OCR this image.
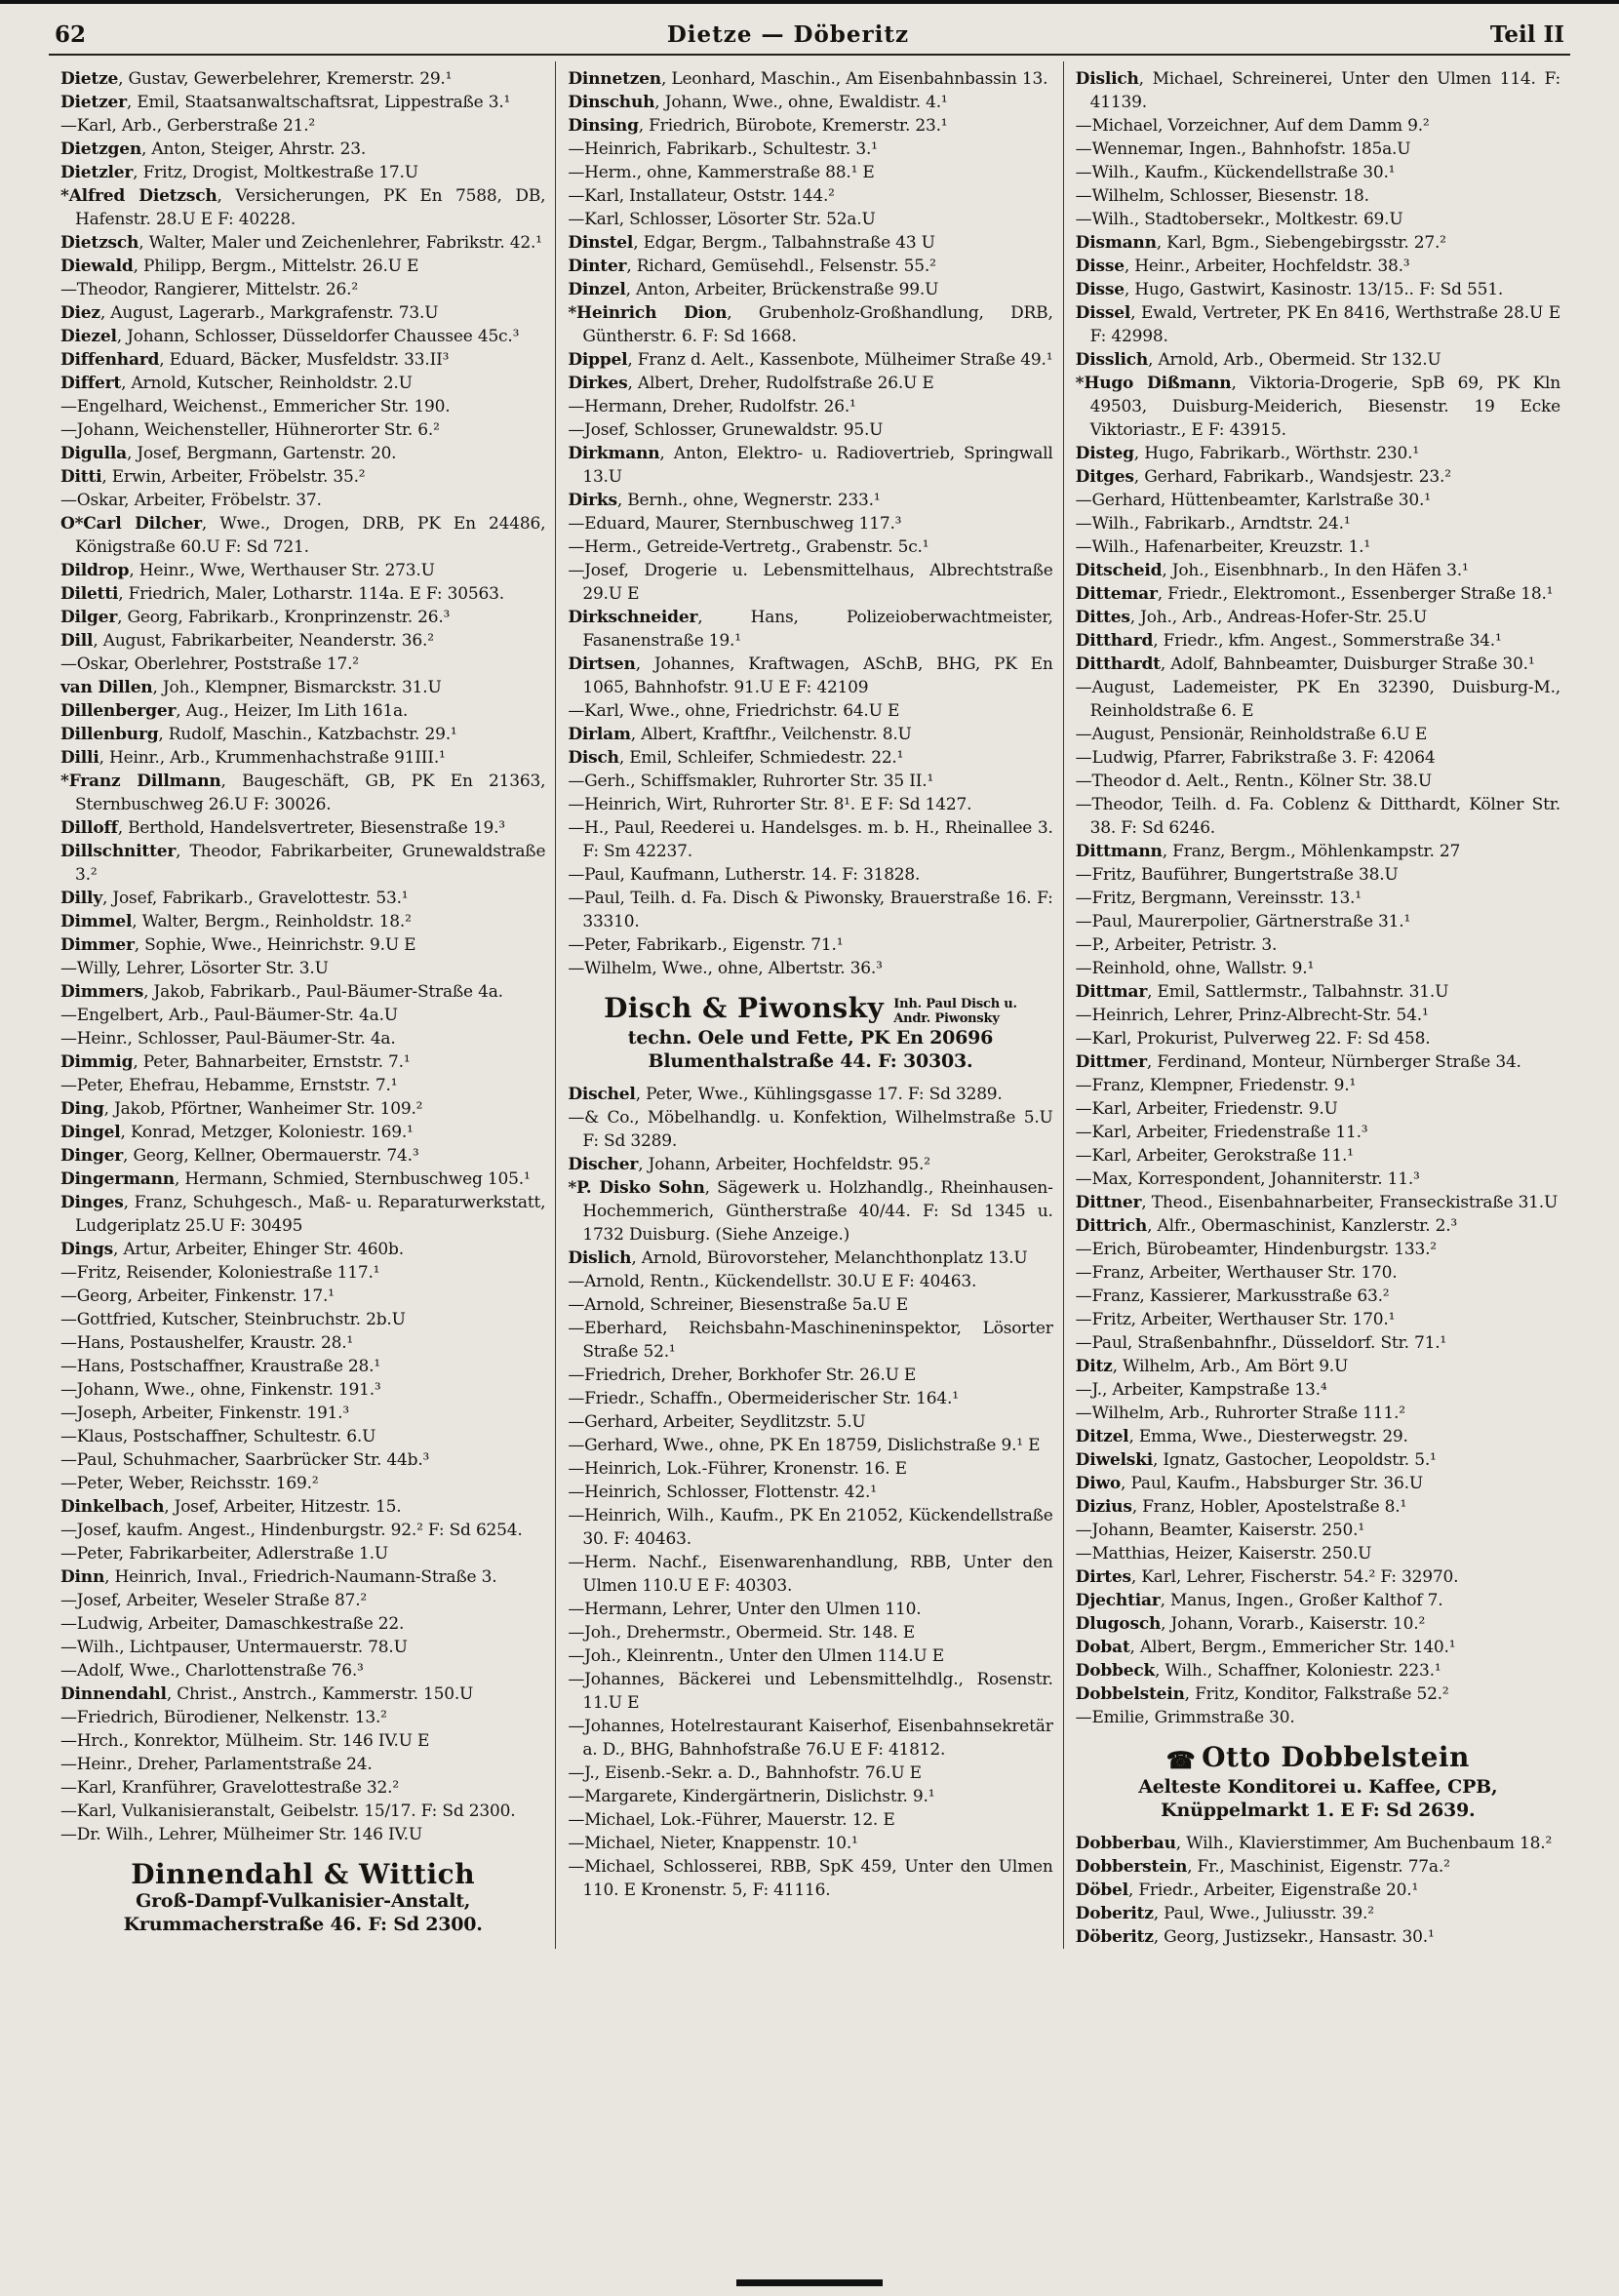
62	Dietze — Döberitz	Teil II

Dietze, Gustav, Gewerbelehrer, Kremerstr. 29.¹

Dietzer, Emil, Staatsanwaltschaftsrat, Lippestraße 3.¹

—Karl, Arb., Gerberstraße 21.²

Dietzgen, Anton, Steiger, Ahrstr. 23.

Dietzler, Fritz, Drogist, Moltkestraße 17.U

*Alfred Dietzsch, Versicherungen, PK En 7588, DB, Hafenstr. 28.U E F: 40228.

Dietzsch, Walter, Maler und Zeichenlehrer, Fabrikstr. 42.¹

Diewald, Philipp, Bergm., Mittelstr. 26.U E

—Theodor, Rangierer, Mittelstr. 26.²

Diez, August, Lagerarb., Markgrafenstr. 73.U

Diezel, Johann, Schlosser, Düsseldorfer Chaussee 45c.³

Diffenhard, Eduard, Bäcker, Musfeldstr. 33.II³

Differt, Arnold, Kutscher, Reinholdstr. 2.U

—Engelhard, Weichenst., Emmericher Str. 190.

—Johann, Weichensteller, Hühnerorter Str. 6.²

Digulla, Josef, Bergmann, Gartenstr. 20.

Ditti, Erwin, Arbeiter, Fröbelstr. 35.²

—Oskar, Arbeiter, Fröbelstr. 37.

O*Carl Dilcher, Wwe., Drogen, DRB, PK En 24486, Königstraße 60.U F: Sd 721.

Dildrop, Heinr., Wwe, Werthauser Str. 273.U

Diletti, Friedrich, Maler, Lotharstr. 114a. E F: 30563.

Dilger, Georg, Fabrikarb., Kronprinzenstr. 26.³

Dill, August, Fabrikarbeiter, Neanderstr. 36.²

—Oskar, Oberlehrer, Poststraße 17.²

van Dillen, Joh., Klempner, Bismarckstr. 31.U

Dillenberger, Aug., Heizer, Im Lith 161a.

Dillenburg, Rudolf, Maschin., Katzbachstr. 29.¹

Dilli, Heinr., Arb., Krummenhachstraße 91III.¹

*Franz Dillmann, Baugeschäft, GB, PK En 21363, Sternbuschweg 26.U F: 30026.

Dilloff, Berthold, Handelsvertreter, Biesenstraße 19.³

Dillschnitter, Theodor, Fabrikarbeiter, Grunewaldstraße 3.²

Dilly, Josef, Fabrikarb., Gravelottestr. 53.¹

Dimmel, Walter, Bergm., Reinholdstr. 18.²

Dimmer, Sophie, Wwe., Heinrichstr. 9.U E

—Willy, Lehrer, Lösorter Str. 3.U

Dimmers, Jakob, Fabrikarb., Paul-Bäumer-Straße 4a.

—Engelbert, Arb., Paul-Bäumer-Str. 4a.U

—Heinr., Schlosser, Paul-Bäumer-Str. 4a.

Dimmig, Peter, Bahnarbeiter, Ernststr. 7.¹

—Peter, Ehefrau, Hebamme, Ernststr. 7.¹

Ding, Jakob, Pförtner, Wanheimer Str. 109.²

Dingel, Konrad, Metzger, Koloniestr. 169.¹

Dinger, Georg, Kellner, Obermauerstr. 74.³

Dingermann, Hermann, Schmied, Sternbuschweg 105.¹

Dinges, Franz, Schuhgesch., Maß- u. Reparaturwerkstatt, Ludgeriplatz 25.U F: 30495

Dings, Artur, Arbeiter, Ehinger Str. 460b.

—Fritz, Reisender, Koloniestraße 117.¹

—Georg, Arbeiter, Finkenstr. 17.¹

—Gottfried, Kutscher, Steinbruchstr. 2b.U

—Hans, Postaushelfer, Kraustr. 28.¹

—Hans, Postschaffner, Kraustraße 28.¹

—Johann, Wwe., ohne, Finkenstr. 191.³

—Joseph, Arbeiter, Finkenstr. 191.³

—Klaus, Postschaffner, Schultestr. 6.U

—Paul, Schuhmacher, Saarbrücker Str. 44b.³

—Peter, Weber, Reichsstr. 169.²

Dinkelbach, Josef, Arbeiter, Hitzestr. 15.

—Josef, kaufm. Angest., Hindenburgstr. 92.² F: Sd 6254.

—Peter, Fabrikarbeiter, Adlerstraße 1.U

Dinn, Heinrich, Inval., Friedrich-Naumann-Straße 3.

—Josef, Arbeiter, Weseler Straße 87.²

—Ludwig, Arbeiter, Damaschkestraße 22.

—Wilh., Lichtpauser, Untermauerstr. 78.U

—Adolf, Wwe., Charlottenstraße 76.³

Dinnendahl, Christ., Anstrch., Kammerstr. 150.U

—Friedrich, Bürodiener, Nelkenstr. 13.²

—Hrch., Konrektor, Mülheim. Str. 146 IV.U E

—Heinr., Dreher, Parlamentstraße 24.

—Karl, Kranführer, Gravelottestraße 32.²

—Karl, Vulkanisieranstalt, Geibelstr. 15/17. F: Sd 2300.

—Dr. Wilh., Lehrer, Mülheimer Str. 146 IV.U

Dinnendahl & Wittich
Groß-Dampf-Vulkanisier-Anstalt,
Krummacherstraße 46. F: Sd 2300.

Dinnetzen, Leonhard, Maschin., Am Eisenbahnbassin 13.

Dinschuh, Johann, Wwe., ohne, Ewaldistr. 4.¹

Dinsing, Friedrich, Bürobote, Kremerstr. 23.¹

—Heinrich, Fabrikarb., Schultestr. 3.¹

—Herm., ohne, Kammerstraße 88.¹ E

—Karl, Installateur, Oststr. 144.²

—Karl, Schlosser, Lösorter Str. 52a.U

Dinstel, Edgar, Bergm., Talbahnstraße 43 U

Dinter, Richard, Gemüsehdl., Felsenstr. 55.²

Dinzel, Anton, Arbeiter, Brückenstraße 99.U

*Heinrich Dion, Grubenholz-Großhandlung, DRB, Güntherstr. 6. F: Sd 1668.

Dippel, Franz d. Aelt., Kassenbote, Mülheimer Straße 49.¹

Dirkes, Albert, Dreher, Rudolfstraße 26.U E

—Hermann, Dreher, Rudolfstr. 26.¹

—Josef, Schlosser, Grunewaldstr. 95.U

Dirkmann, Anton, Elektro- u. Radiovertrieb, Springwall 13.U

Dirks, Bernh., ohne, Wegnerstr. 233.¹

—Eduard, Maurer, Sternbuschweg 117.³

—Herm., Getreide-Vertretg., Grabenstr. 5c.¹

—Josef, Drogerie u. Lebensmittelhaus, Albrechtstraße 29.U E

Dirkschneider, Hans, Polizeioberwachtmeister, Fasanenstraße 19.¹

Dirtsen, Johannes, Kraftwagen, ASchB, BHG, PK En 1065, Bahnhofstr. 91.U E F: 42109

—Karl, Wwe., ohne, Friedrichstr. 64.U E

Dirlam, Albert, Kraftfhr., Veilchenstr. 8.U

Disch, Emil, Schleifer, Schmiedestr. 22.¹

—Gerh., Schiffsmakler, Ruhrorter Str. 35 II.¹

—Heinrich, Wirt, Ruhrorter Str. 8¹. E F: Sd 1427.

—H., Paul, Reederei u. Handelsges. m. b. H., Rheinallee 3. F: Sm 42237.

—Paul, Kaufmann, Lutherstr. 14. F: 31828.

—Paul, Teilh. d. Fa. Disch & Piwonsky, Brauerstraße 16. F: 33310.

—Peter, Fabrikarb., Eigenstr. 71.¹

—Wilhelm, Wwe., ohne, Albertstr. 36.³

Disch & Piwonsky Inh. Paul Disch u.
Andr. Piwonsky
techn. Oele und Fette, PK En 20696
Blumenthalstraße 44. F: 30303.

Dischel, Peter, Wwe., Kühlingsgasse 17. F: Sd 3289.

—& Co., Möbelhandlg. u. Konfektion, Wilhelmstraße 5.U F: Sd 3289.

Discher, Johann, Arbeiter, Hochfeldstr. 95.²

*P. Disko Sohn, Sägewerk u. Holzhandlg., Rheinhausen-Hochemmerich, Güntherstraße 40/44. F: Sd 1345 u. 1732 Duisburg. (Siehe Anzeige.)

Dislich, Arnold, Bürovorsteher, Melanchthonplatz 13.U

—Arnold, Rentn., Kückendellstr. 30.U E F: 40463.

—Arnold, Schreiner, Biesenstraße 5a.U E

—Eberhard, Reichsbahn-Maschineninspektor, Lösorter Straße 52.¹

—Friedrich, Dreher, Borkhofer Str. 26.U E

—Friedr., Schaffn., Obermeiderischer Str. 164.¹

—Gerhard, Arbeiter, Seydlitzstr. 5.U

—Gerhard, Wwe., ohne, PK En 18759, Dislichstraße 9.¹ E

—Heinrich, Lok.-Führer, Kronenstr. 16. E

—Heinrich, Schlosser, Flottenstr. 42.¹

—Heinrich, Wilh., Kaufm., PK En 21052, Kückendellstraße 30. F: 40463.

—Herm. Nachf., Eisenwarenhandlung, RBB, Unter den Ulmen 110.U E F: 40303.

—Hermann, Lehrer, Unter den Ulmen 110.

—Joh., Drehermstr., Obermeid. Str. 148. E

—Joh., Kleinrentn., Unter den Ulmen 114.U E

—Johannes, Bäckerei und Lebensmittelhdlg., Rosenstr. 11.U E

—Johannes, Hotelrestaurant Kaiserhof, Eisenbahnsekretär a. D., BHG, Bahnhofstraße 76.U E F: 41812.

—J., Eisenb.-Sekr. a. D., Bahnhofstr. 76.U E

—Margarete, Kindergärtnerin, Dislichstr. 9.¹

—Michael, Lok.-Führer, Mauerstr. 12. E

—Michael, Nieter, Knappenstr. 10.¹

—Michael, Schlosserei, RBB, SpK 459, Unter den Ulmen 110. E Kronenstr. 5, F: 41116.

Dislich, Michael, Schreinerei, Unter den Ulmen 114. F: 41139.

—Michael, Vorzeichner, Auf dem Damm 9.²

—Wennemar, Ingen., Bahnhofstr. 185a.U

—Wilh., Kaufm., Kückendellstraße 30.¹

—Wilhelm, Schlosser, Biesenstr. 18.

—Wilh., Stadtobersekr., Moltkestr. 69.U

Dismann, Karl, Bgm., Siebengebirgsstr. 27.²

Disse, Heinr., Arbeiter, Hochfeldstr. 38.³

Disse, Hugo, Gastwirt, Kasinostr. 13/15.. F: Sd 551.

Dissel, Ewald, Vertreter, PK En 8416, Werthstraße 28.U E F: 42998.

Disslich, Arnold, Arb., Obermeid. Str 132.U

*Hugo Dißmann, Viktoria-Drogerie, SpB 69, PK Kln 49503, Duisburg-Meiderich, Biesenstr. 19 Ecke Viktoriastr., E F: 43915.

Disteg, Hugo, Fabrikarb., Wörthstr. 230.¹

Ditges, Gerhard, Fabrikarb., Wandsjestr. 23.²

—Gerhard, Hüttenbeamter, Karlstraße 30.¹

—Wilh., Fabrikarb., Arndtstr. 24.¹

—Wilh., Hafenarbeiter, Kreuzstr. 1.¹

Ditscheid, Joh., Eisenbhnarb., In den Häfen 3.¹

Dittemar, Friedr., Elektromont., Essenberger Straße 18.¹

Dittes, Joh., Arb., Andreas-Hofer-Str. 25.U

Ditthard, Friedr., kfm. Angest., Sommerstraße 34.¹

Ditthardt, Adolf, Bahnbeamter, Duisburger Straße 30.¹

—August, Lademeister, PK En 32390, Duisburg-M., Reinholdstraße 6. E

—August, Pensionär, Reinholdstraße 6.U E

—Ludwig, Pfarrer, Fabrikstraße 3. F: 42064

—Theodor d. Aelt., Rentn., Kölner Str. 38.U

—Theodor, Teilh. d. Fa. Coblenz & Ditthardt, Kölner Str. 38. F: Sd 6246.

Dittmann, Franz, Bergm., Möhlenkampstr. 27

—Fritz, Bauführer, Bungertstraße 38.U

—Fritz, Bergmann, Vereinsstr. 13.¹

—Paul, Maurerpolier, Gärtnerstraße 31.¹

—P., Arbeiter, Petristr. 3.

—Reinhold, ohne, Wallstr. 9.¹

Dittmar, Emil, Sattlermstr., Talbahnstr. 31.U

—Heinrich, Lehrer, Prinz-Albrecht-Str. 54.¹

—Karl, Prokurist, Pulverweg 22. F: Sd 458.

Dittmer, Ferdinand, Monteur, Nürnberger Straße 34.

—Franz, Klempner, Friedenstr. 9.¹

—Karl, Arbeiter, Friedenstr. 9.U

—Karl, Arbeiter, Friedenstraße 11.³

—Karl, Arbeiter, Gerokstraße 11.¹

—Max, Korrespondent, Johanniterstr. 11.³

Dittner, Theod., Eisenbahnarbeiter, Franseckistraße 31.U

Dittrich, Alfr., Obermaschinist, Kanzlerstr. 2.³

—Erich, Bürobeamter, Hindenburgstr. 133.²

—Franz, Arbeiter, Werthauser Str. 170.

—Franz, Kassierer, Markusstraße 63.²

—Fritz, Arbeiter, Werthauser Str. 170.¹

—Paul, Straßenbahnfhr., Düsseldorf. Str. 71.¹

Ditz, Wilhelm, Arb., Am Bört 9.U

—J., Arbeiter, Kampstraße 13.⁴

—Wilhelm, Arb., Ruhrorter Straße 111.²

Ditzel, Emma, Wwe., Diesterwegstr. 29.

Diwelski, Ignatz, Gastocher, Leopoldstr. 5.¹

Diwo, Paul, Kaufm., Habsburger Str. 36.U

Dizius, Franz, Hobler, Apostelstraße 8.¹

—Johann, Beamter, Kaiserstr. 250.¹

—Matthias, Heizer, Kaiserstr. 250.U

Dirtes, Karl, Lehrer, Fischerstr. 54.² F: 32970.

Djechtiar, Manus, Ingen., Großer Kalthof 7.

Dlugosch, Johann, Vorarb., Kaiserstr. 10.²

Dobat, Albert, Bergm., Emmericher Str. 140.¹

Dobbeck, Wilh., Schaffner, Koloniestr. 223.¹

Dobbelstein, Fritz, Konditor, Falkstraße 52.²

—Emilie, Grimmstraße 30.

☎ Otto Dobbelstein
Aelteste Konditorei u. Kaffee, CPB,
Knüppelmarkt 1. E F: Sd 2639.

Dobberbau, Wilh., Klavierstimmer, Am Buchenbaum 18.²

Dobberstein, Fr., Maschinist, Eigenstr. 77a.²

Döbel, Friedr., Arbeiter, Eigenstraße 20.¹

Doberitz, Paul, Wwe., Juliusstr. 39.²

Döberitz, Georg, Justizsekr., Hansastr. 30.¹
